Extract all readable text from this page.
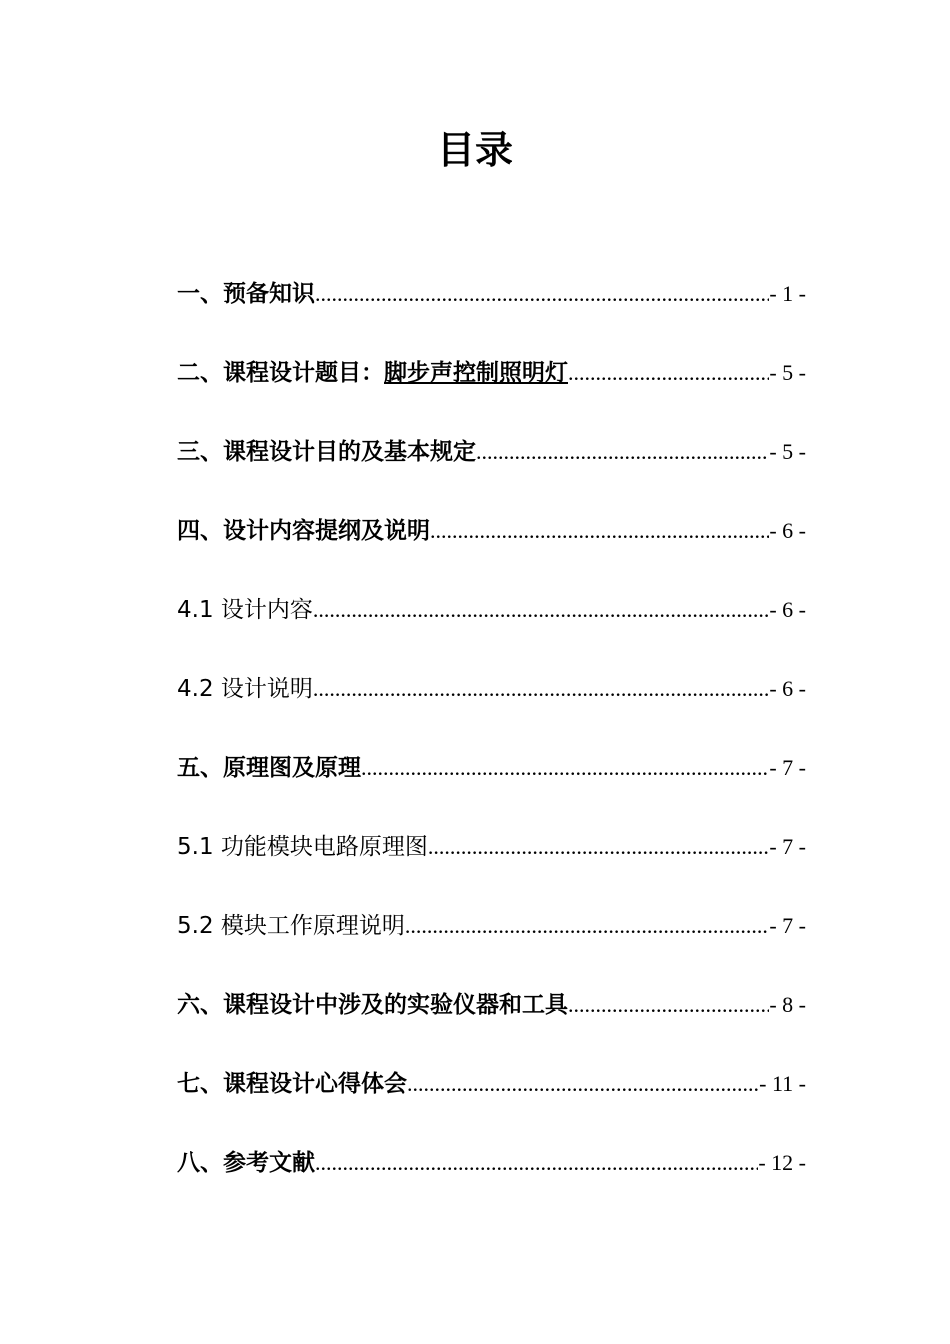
目录
一、预备知识 .....	- 1 -
二、课程设计题目：脚步声控制照明灯 .....	- 5 -
三、课程设计目的及基本规定 .....	- 5 -
四、设计内容提纲及说明 .....	- 6 -
4.1 设计内容 .....	- 6 -
4.2 设计说明 .....	- 6 -
五、原理图及原理 .....	- 7 -
5.1 功能模块电路原理图 .....	- 7 -
5.2 模块工作原理说明 .....	- 7 -
六、课程设计中涉及的实验仪器和工具 .....	- 8 -
七、课程设计心得体会 .....	- 11 -
八、参考文献 .....	- 12 -
